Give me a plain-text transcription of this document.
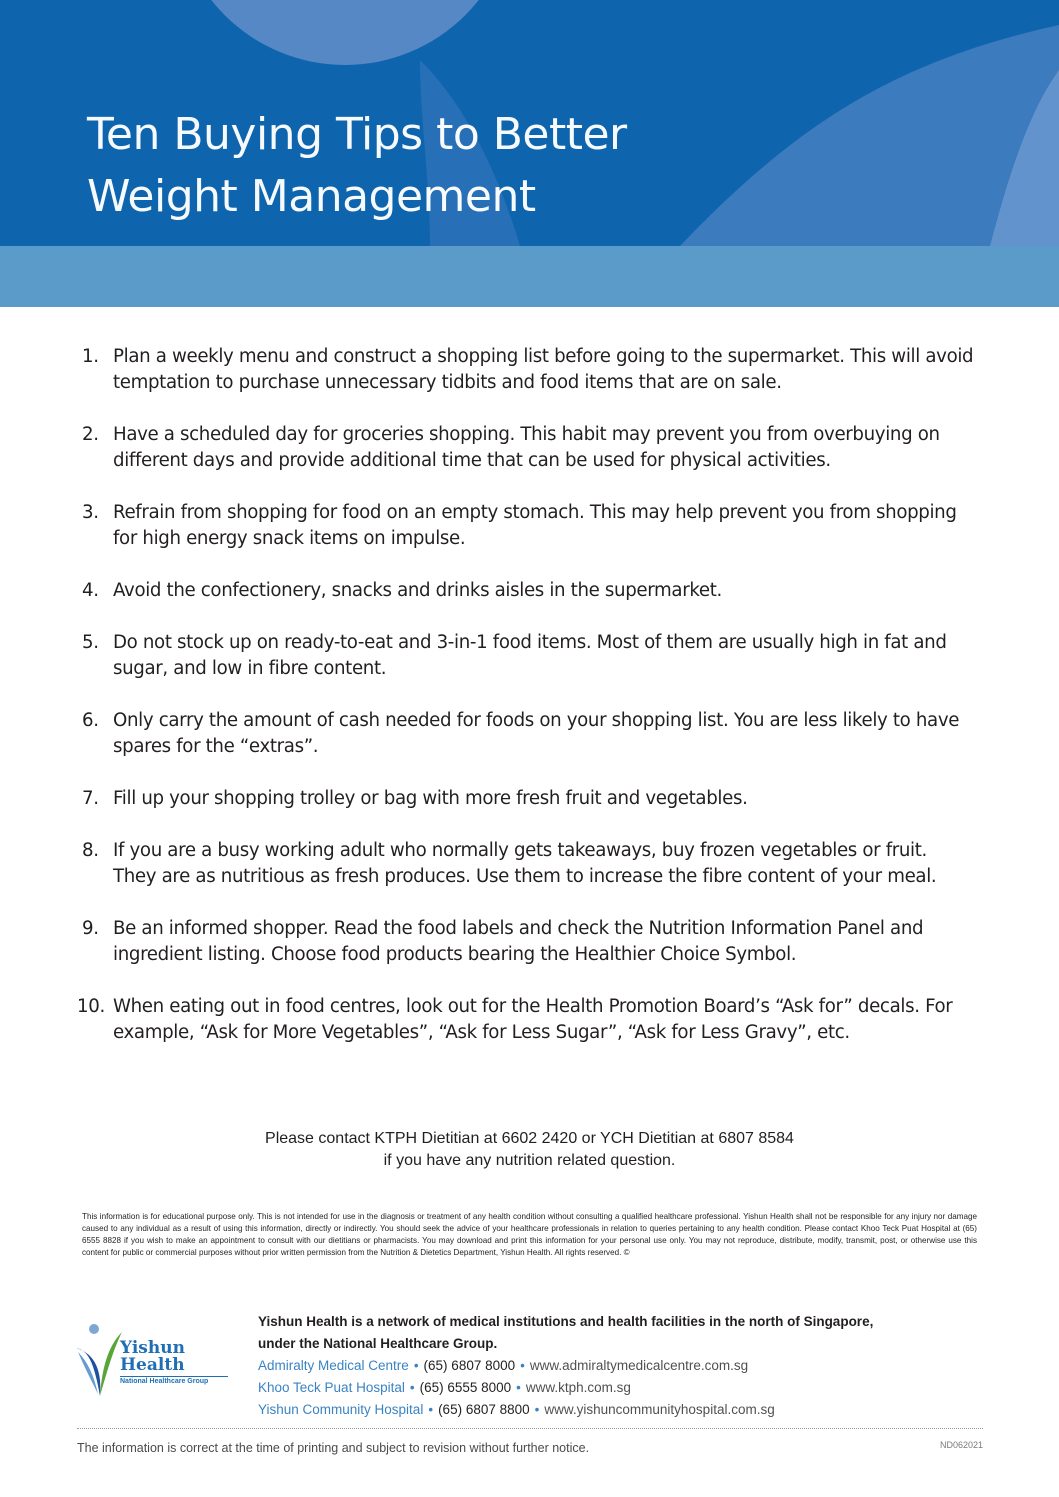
Ten Buying Tips to Better
Weight Management
1. Plan a weekly menu and construct a shopping list before going to the supermarket. This will avoid temptation to purchase unnecessary tidbits and food items that are on sale.
2. Have a scheduled day for groceries shopping. This habit may prevent you from overbuying on different days and provide additional time that can be used for physical activities.
3. Refrain from shopping for food on an empty stomach. This may help prevent you from shopping for high energy snack items on impulse.
4. Avoid the confectionery, snacks and drinks aisles in the supermarket.
5. Do not stock up on ready-to-eat and 3-in-1 food items. Most of them are usually high in fat and sugar, and low in fibre content.
6. Only carry the amount of cash needed for foods on your shopping list. You are less likely to have spares for the “extras”.
7. Fill up your shopping trolley or bag with more fresh fruit and vegetables.
8. If you are a busy working adult who normally gets takeaways, buy frozen vegetables or fruit. They are as nutritious as fresh produces. Use them to increase the fibre content of your meal.
9. Be an informed shopper. Read the food labels and check the Nutrition Information Panel and ingredient listing. Choose food products bearing the Healthier Choice Symbol.
10. When eating out in food centres, look out for the Health Promotion Board’s “Ask for” decals. For example, “Ask for More Vegetables”, “Ask for Less Sugar”, “Ask for Less Gravy”, etc.
Please contact KTPH Dietitian at 6602 2420 or YCH Dietitian at 6807 8584
if you have any nutrition related question.

This information is for educational purpose only. This is not intended for use in the diagnosis or treatment of any health condition without consulting a qualified healthcare professional. Yishun Health shall not be responsible for any injury nor damage caused to any individual as a result of using this information, directly or indirectly. You should seek the advice of your healthcare professionals in relation to queries pertaining to any health condition. Please contact Khoo Teck Puat Hospital at (65) 6555 8828 if you wish to make an appointment to consult with our dietitians or pharmacists. You may download and print this information for your personal use only. You may not reproduce, distribute, modify, transmit, post, or otherwise use this content for public or commercial purposes without prior written permission from the Nutrition & Dietetics Department, Yishun Health. All rights reserved. ©

Yishun
Health
National Healthcare Group
Yishun Health is a network of medical institutions and health facilities in the north of Singapore,
under the National Healthcare Group.
Admiralty Medical Centre • (65) 6807 8000 • www.admiraltymedicalcentre.com.sg
Khoo Teck Puat Hospital • (65) 6555 8000 • www.ktph.com.sg
Yishun Community Hospital • (65) 6807 8800 • www.yishuncommunityhospital.com.sg
The information is correct at the time of printing and subject to revision without further notice.	ND062021
